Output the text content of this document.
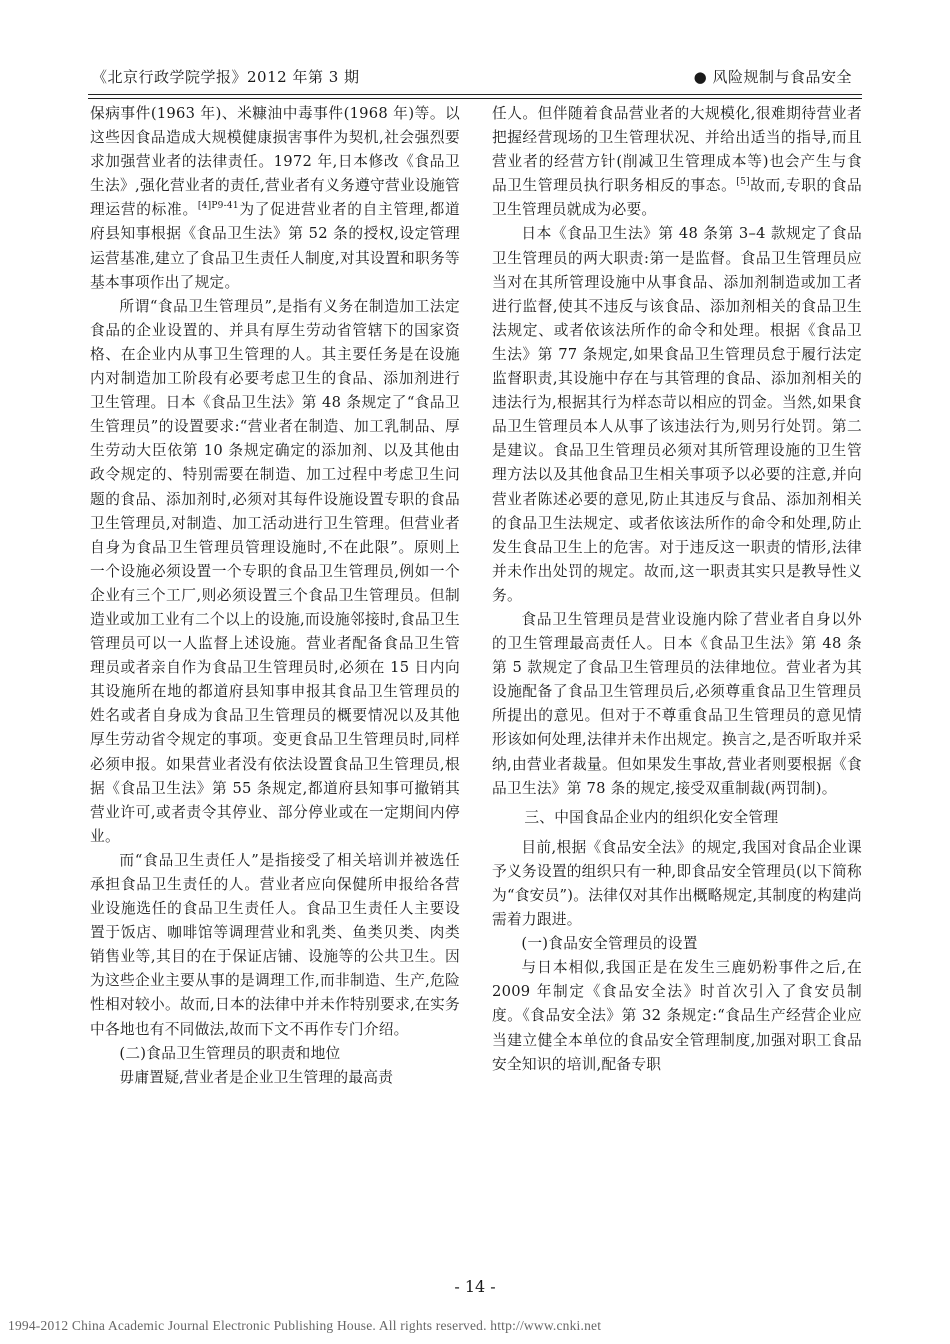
《北京行政学院学报》2012 年第 3 期	● 风险规制与食品安全

保病事件(1963 年)、米糠油中毒事件(1968 年)等。以这些因食品造成大规模健康损害事件为契机,社会强烈要求加强营业者的法律责任。1972 年,日本修改《食品卫生法》,强化营业者的责任,营业者有义务遵守营业设施管理运营的标准。$^{[4]P9-41}$为了促进营业者的自主管理,都道府县知事根据《食品卫生法》第 52 条的授权,设定管理运营基准,建立了食品卫生责任人制度,对其设置和职务等基本事项作出了规定。

所谓“食品卫生管理员”,是指有义务在制造加工法定食品的企业设置的、并具有厚生劳动省管辖下的国家资格、在企业内从事卫生管理的人。其主要任务是在设施内对制造加工阶段有必要考虑卫生的食品、添加剂进行卫生管理。日本《食品卫生法》第 48 条规定了“食品卫生管理员”的设置要求:“营业者在制造、加工乳制品、厚生劳动大臣依第 10 条规定确定的添加剂、以及其他由政令规定的、特别需要在制造、加工过程中考虑卫生问题的食品、添加剂时,必须对其每件设施设置专职的食品卫生管理员,对制造、加工活动进行卫生管理。但营业者自身为食品卫生管理员管理设施时,不在此限”。原则上一个设施必须设置一个专职的食品卫生管理员,例如一个企业有三个工厂,则必须设置三个食品卫生管理员。但制造业或加工业有二个以上的设施,而设施邻接时,食品卫生管理员可以一人监督上述设施。营业者配备食品卫生管理员或者亲自作为食品卫生管理员时,必须在 15 日内向其设施所在地的都道府县知事申报其食品卫生管理员的姓名或者自身成为食品卫生管理员的概要情况以及其他厚生劳动省令规定的事项。变更食品卫生管理员时,同样必须申报。如果营业者没有依法设置食品卫生管理员,根据《食品卫生法》第 55 条规定,都道府县知事可撤销其营业许可,或者责令其停业、部分停业或在一定期间内停业。

而“食品卫生责任人”是指接受了相关培训并被选任承担食品卫生责任的人。营业者应向保健所申报给各营业设施选任的食品卫生责任人。食品卫生责任人主要设置于饭店、咖啡馆等调理营业和乳类、鱼类贝类、肉类销售业等,其目的在于保证店铺、设施等的公共卫生。因为这些企业主要从事的是调理工作,而非制造、生产,危险性相对较小。故而,日本的法律中并未作特别要求,在实务中各地也有不同做法,故而下文不再作专门介绍。

(二)食品卫生管理员的职责和地位

毋庸置疑,营业者是企业卫生管理的最高责

任人。但伴随着食品营业者的大规模化,很难期待营业者把握经营现场的卫生管理状况、并给出适当的指导,而且营业者的经营方针(削减卫生管理成本等)也会产生与食品卫生管理员执行职务相反的事态。[5]故而,专职的食品卫生管理员就成为必要。

日本《食品卫生法》第 48 条第 3–4 款规定了食品卫生管理员的两大职责:第一是监督。食品卫生管理员应当对在其所管理设施中从事食品、添加剂制造或加工者进行监督,使其不违反与该食品、添加剂相关的食品卫生法规定、或者依该法所作的命令和处理。根据《食品卫生法》第 77 条规定,如果食品卫生管理员怠于履行法定监督职责,其设施中存在与其管理的食品、添加剂相关的违法行为,根据其行为样态苛以相应的罚金。当然,如果食品卫生管理员本人从事了该违法行为,则另行处罚。第二是建议。食品卫生管理员必须对其所管理设施的卫生管理方法以及其他食品卫生相关事项予以必要的注意,并向营业者陈述必要的意见,防止其违反与食品、添加剂相关的食品卫生法规定、或者依该法所作的命令和处理,防止发生食品卫生上的危害。对于违反这一职责的情形,法律并未作出处罚的规定。故而,这一职责其实只是教导性义务。

食品卫生管理员是营业设施内除了营业者自身以外的卫生管理最高责任人。日本《食品卫生法》第 48 条第 5 款规定了食品卫生管理员的法律地位。营业者为其设施配备了食品卫生管理员后,必须尊重食品卫生管理员所提出的意见。但对于不尊重食品卫生管理员的意见情形该如何处理,法律并未作出规定。换言之,是否听取并采纳,由营业者裁量。但如果发生事故,营业者则要根据《食品卫生法》第 78 条的规定,接受双重制裁(两罚制)。

三、中国食品企业内的组织化安全管理

目前,根据《食品安全法》的规定,我国对食品企业课予义务设置的组织只有一种,即食品安全管理员(以下简称为“食安员”)。法律仅对其作出概略规定,其制度的构建尚需着力跟进。

(一)食品安全管理员的设置

与日本相似,我国正是在发生三鹿奶粉事件之后,在 2009 年制定《食品安全法》时首次引入了食安员制度。《食品安全法》第 32 条规定:“食品生产经营企业应当建立健全本单位的食品安全管理制度,加强对职工食品安全知识的培训,配备专职

- 14 -
1994-2012 China Academic Journal Electronic Publishing House. All rights reserved. http://www.cnki.net
